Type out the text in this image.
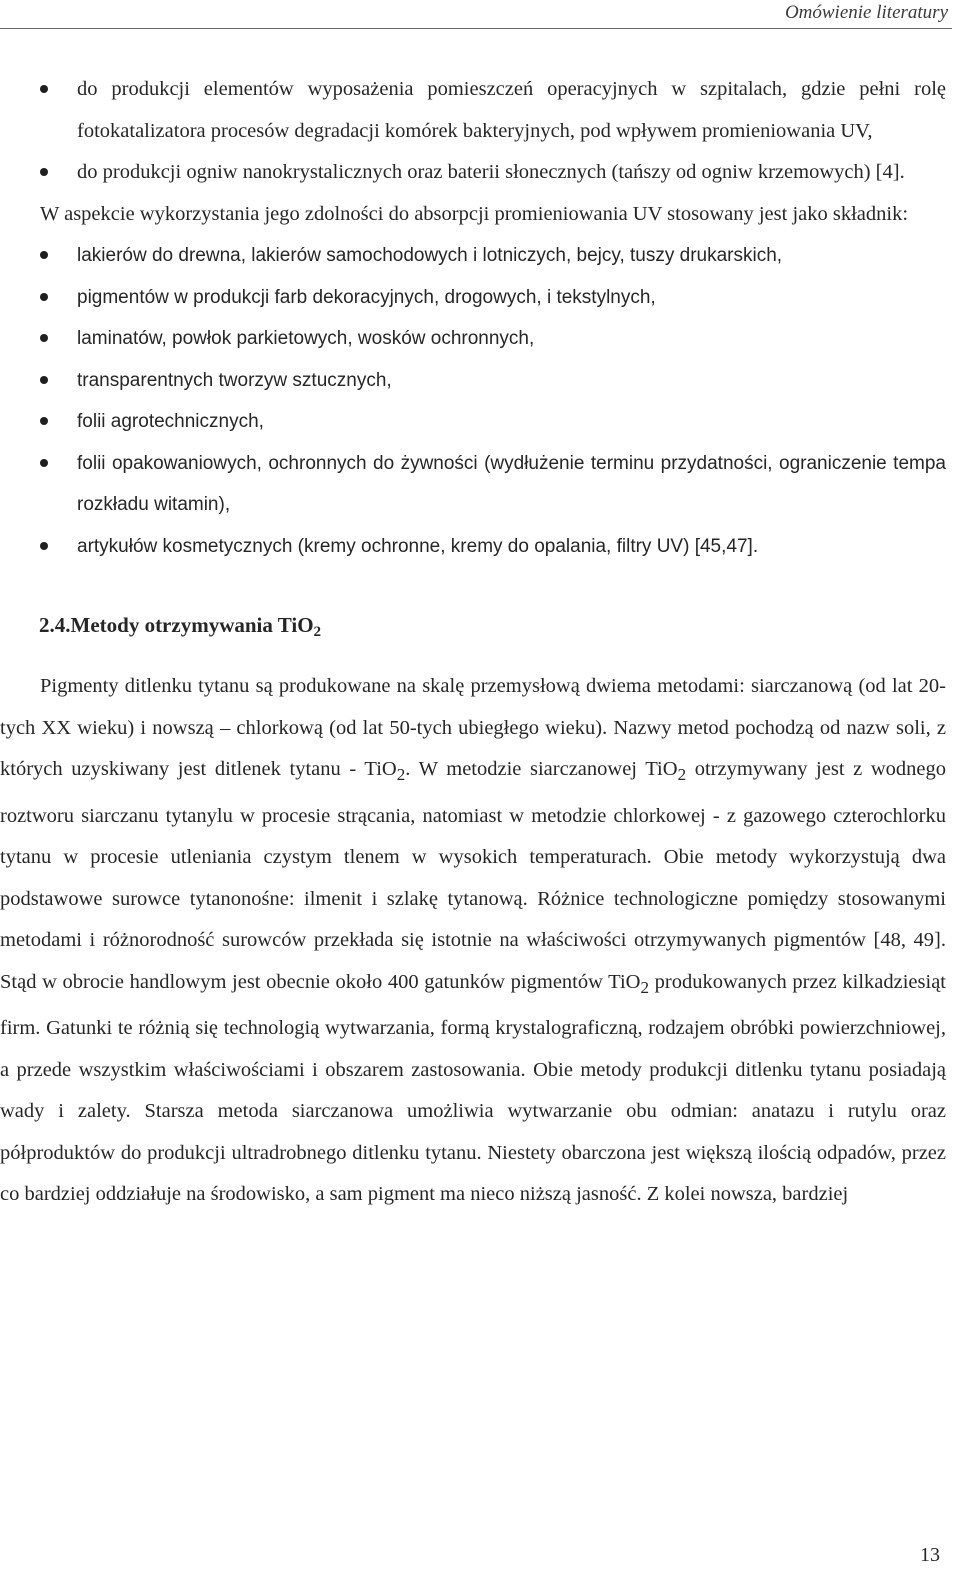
Omówienie literatury
do produkcji elementów wyposażenia pomieszczeń operacyjnych w szpitalach, gdzie pełni rolę fotokatalizatora procesów degradacji komórek bakteryjnych, pod wpływem promieniowania UV,
do produkcji ogniw nanokrystalicznych oraz baterii słonecznych (tańszy od ogniw krzemowych) [4].

W aspekcie wykorzystania jego zdolności do absorpcji promieniowania UV stosowany jest jako składnik:

lakierów do drewna, lakierów samochodowych i lotniczych, bejcy, tuszy drukarskich,
pigmentów w produkcji farb dekoracyjnych, drogowych, i tekstylnych,
laminatów, powłok parkietowych, wosków ochronnych,
transparentnych tworzyw sztucznych,
folii agrotechnicznych,
folii opakowaniowych, ochronnych do żywności (wydłużenie terminu przydatności, ograniczenie tempa rozkładu witamin),
artykułów kosmetycznych (kremy ochronne, kremy do opalania, filtry UV) [45,47].
2.4.Metody otrzymywania TiO$_2$

Pigmenty ditlenku tytanu są produkowane na skalę przemysłową dwiema metodami: siarczanową (od lat 20-tych XX wieku) i nowszą – chlorkową (od lat 50-tych ubiegłego wieku). Nazwy metod pochodzą od nazw soli, z których uzyskiwany jest ditlenek tytanu - TiO$_2$. W metodzie siarczanowej TiO$_2$ otrzymywany jest z wodnego roztworu siarczanu tytanylu w procesie strącania, natomiast w metodzie chlorkowej - z gazowego czterochlorku tytanu w procesie utleniania czystym tlenem w wysokich temperaturach. Obie metody wykorzystują dwa podstawowe surowce tytanonośne: ilmenit i szlakę tytanową. Różnice technologiczne pomiędzy stosowanymi metodami i różnorodność surowców przekłada się istotnie na właściwości otrzymywanych pigmentów [48, 49]. Stąd w obrocie handlowym jest obecnie około 400 gatunków pigmentów TiO$_2$ produkowanych przez kilkadziesiąt firm. Gatunki te różnią się technologią wytwarzania, formą krystalograficzną, rodzajem obróbki powierzchniowej, a przede wszystkim właściwościami i obszarem zastosowania. Obie metody produkcji ditlenku tytanu posiadają wady i zalety. Starsza metoda siarczanowa umożliwia wytwarzanie obu odmian: anatazu i rutylu oraz półproduktów do produkcji ultradrobnego ditlenku tytanu. Niestety obarczona jest większą ilością odpadów, przez co bardziej oddziałuje na środowisko, a sam pigment ma nieco niższą jasność. Z kolei nowsza, bardziej

13
